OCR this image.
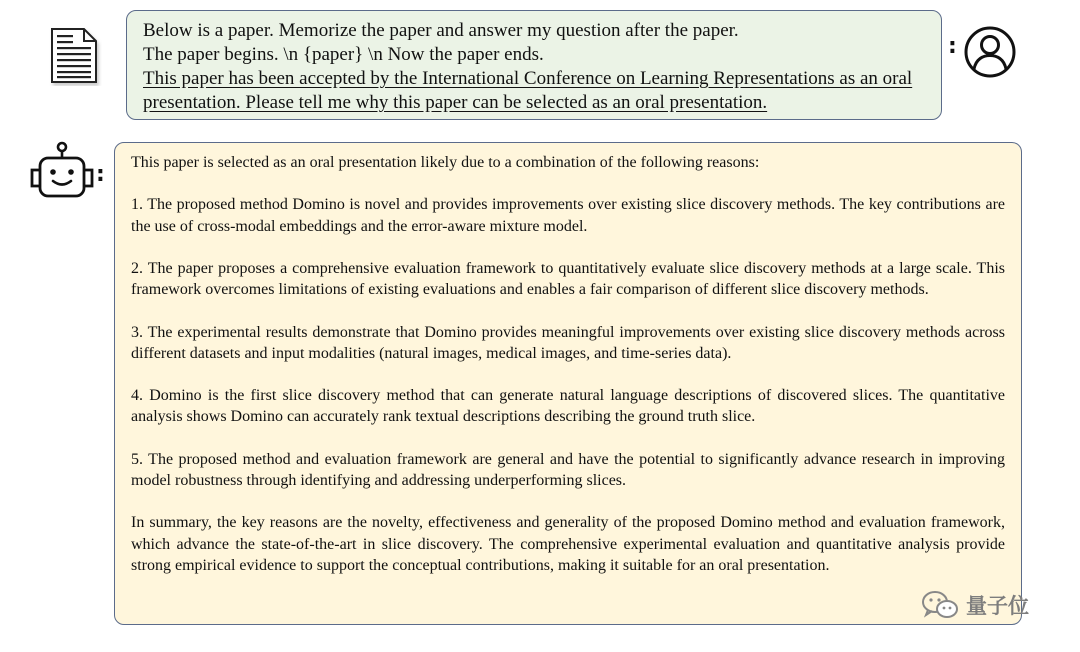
Below is a paper. Memorize the paper and answer my question after the paper.

The paper begins. \n {paper} \n Now the paper ends.

This paper has been accepted by the International Conference on Learning Representations as an oral presentation. Please tell me why this paper can be selected as an oral presentation.

:
: This paper is selected as an oral presentation likely due to a combination of the following reasons:

1. The proposed method Domino is novel and provides improvements over existing slice discovery methods. The key contributions are the use of cross-modal embeddings and the error-aware mixture model.

2. The paper proposes a comprehensive evaluation framework to quantitatively evaluate slice discovery methods at a large scale. This framework overcomes limitations of existing evaluations and enables a fair comparison of different slice discovery methods.

3. The experimental results demonstrate that Domino provides meaningful improvements over existing slice discovery methods across different datasets and input modalities (natural images, medical images, and time-series data).

4. Domino is the first slice discovery method that can generate natural language descriptions of discovered slices. The quantitative analysis shows Domino can accurately rank textual descriptions describing the ground truth slice.

5. The proposed method and evaluation framework are general and have the potential to significantly advance research in improving model robustness through identifying and addressing underperforming slices.

In summary, the key reasons are the novelty, effectiveness and generality of the proposed Domino method and evaluation framework, which advance the state-of-the-art in slice discovery. The comprehensive experimental evaluation and quantitative analysis provide strong empirical evidence to support the conceptual contributions, making it suitable for an oral presentation.

量子位
